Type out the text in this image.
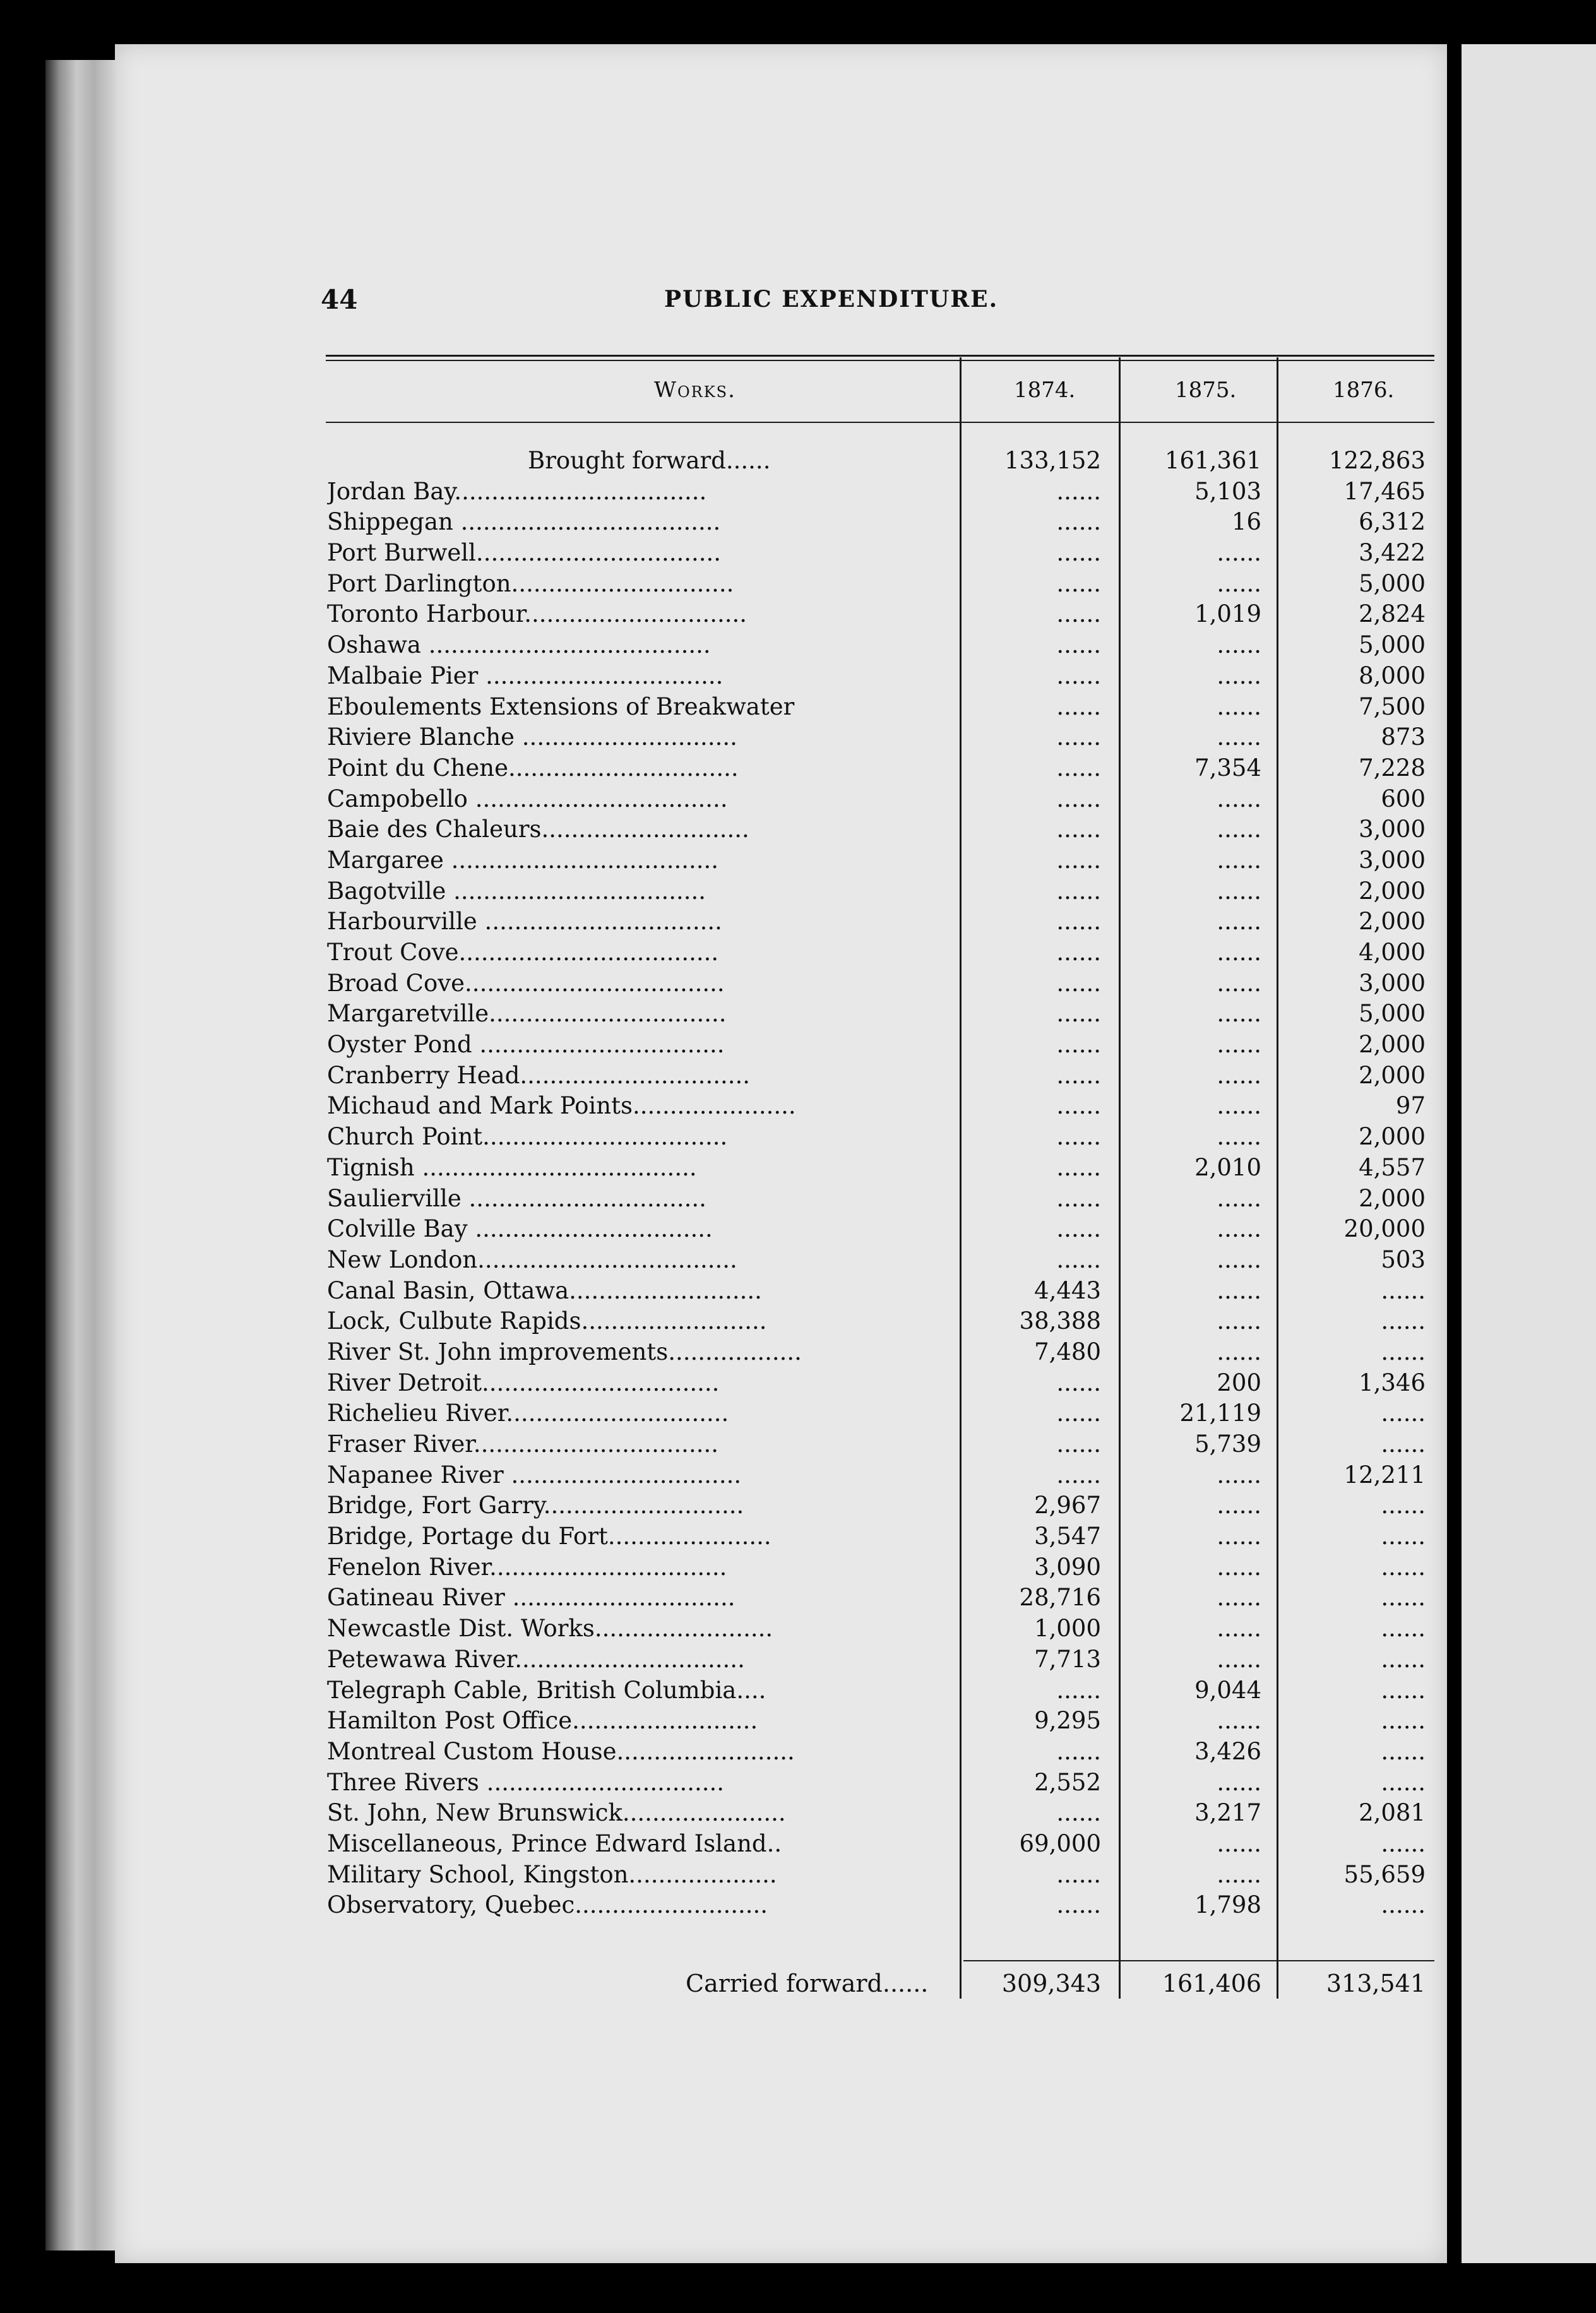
44	PUBLIC EXPENDITURE.
Works.	1874.	1875.	1876.
Brought forward......	133,152	161,361	122,863
Jordan Bay..................................	......	5,103	17,465
Shippegan ...................................	......	16	6,312
Port Burwell.................................	......	......	3,422
Port Darlington..............................	......	......	5,000
Toronto Harbour..............................	......	1,019	2,824
Oshawa ......................................	......	......	5,000
Malbaie Pier ................................	......	......	8,000
Eboulements Extensions of Breakwater	......	......	7,500
Riviere Blanche .............................	......	......	873
Point du Chene...............................	......	7,354	7,228
Campobello ..................................	......	......	600
Baie des Chaleurs............................	......	......	3,000
Margaree ....................................	......	......	3,000
Bagotville ..................................	......	......	2,000
Harbourville ................................	......	......	2,000
Trout Cove...................................	......	......	4,000
Broad Cove...................................	......	......	3,000
Margaretville................................	......	......	5,000
Oyster Pond .................................	......	......	2,000
Cranberry Head...............................	......	......	2,000
Michaud and Mark Points......................	......	......	97
Church Point.................................	......	......	2,000
Tignish .....................................	......	2,010	4,557
Saulierville ................................	......	......	2,000
Colville Bay ................................	......	......	20,000
New London...................................	......	......	503
Canal Basin, Ottawa..........................	4,443	......	......
Lock, Culbute Rapids.........................	38,388	......	......
River St. John improvements..................	7,480	......	......
River Detroit................................	......	200	1,346
Richelieu River..............................	......	21,119	......
Fraser River.................................	......	5,739	......
Napanee River ...............................	......	......	12,211
Bridge, Fort Garry...........................	2,967	......	......
Bridge, Portage du Fort......................	3,547	......	......
Fenelon River................................	3,090	......	......
Gatineau River ..............................	28,716	......	......
Newcastle Dist. Works........................	1,000	......	......
Petewawa River...............................	7,713	......	......
Telegraph Cable, British Columbia....	......	9,044	......
Hamilton Post Office.........................	9,295	......	......
Montreal Custom House........................	......	3,426	......
Three Rivers ................................	2,552	......	......
St. John, New Brunswick......................	......	3,217	2,081
Miscellaneous, Prince Edward Island..	69,000	......	......
Military School, Kingston....................	......	......	55,659
Observatory, Quebec..........................	......	1,798	......
Carried forward......	309,343	161,406	313,541
